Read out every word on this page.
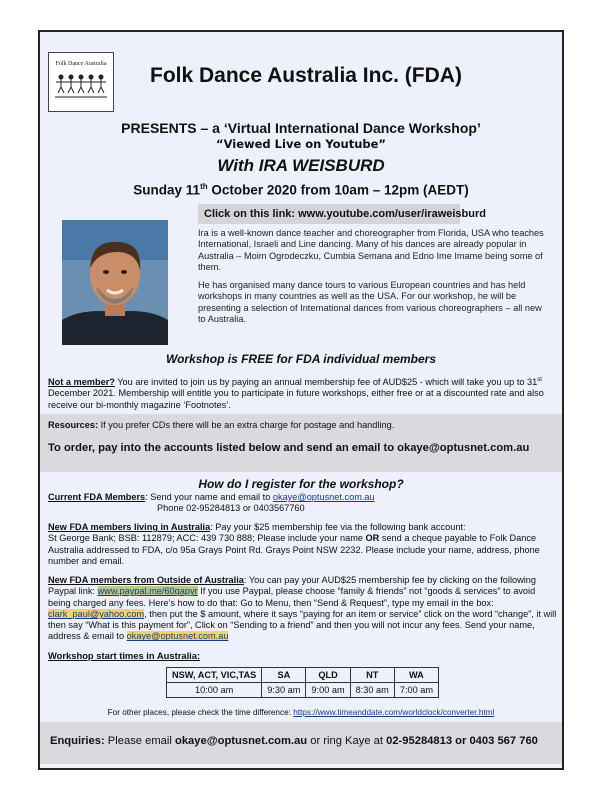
Folk Dance Australia Folk Dance Australia Inc. (FDA)
PRESENTS – a ‘Virtual International Dance Workshop’
“Viewed Live on Youtube”
With IRA WEISBURD
Sunday 11th October 2020 from 10am – 12pm (AEDT)
Click on this link: www.youtube.com/user/iraweisburd
Ira is a well-known dance teacher and choreographer from Florida, USA who teaches International, Israeli and Line dancing. Many of his dances are already popular in Australia – Moim Ogrodeczku, Cumbia Semana and Edno Ime Imame being some of them.
He has organised many dance tours to various European countries and has held workshops in many countries as well as the USA. For our workshop, he will be presenting a selection of International dances from various choreographers – all new to Australia.
Workshop is FREE for FDA individual members
Not a member? You are invited to join us by paying an annual membership fee of AUD$25 - which will take you up to 31st December 2021. Membership will entitle you to participate in future workshops, either free or at a discounted rate and also receive our bi-monthly magazine ‘Footnotes’.
Resources: If you prefer CDs there will be an extra charge for postage and handling.
To order, pay into the accounts listed below and send an email to okaye@optusnet.com.au
How do I register for the workshop?
Current FDA Members: Send your name and email to okaye@optusnet.com.au
Phone 02-95284813 or 0403567760
New FDA members living in Australia: Pay your $25 membership fee via the following bank account:
St George Bank; BSB: 112879; ACC: 439 730 888; Please include your name OR send a cheque payable to Folk Dance Australia addressed to FDA, c/o 95a Grays Point Rd. Grays Point NSW 2232. Please include your name, address, phone number and email.
New FDA members from Outside of Australia: You can pay your AUD$25 membership fee by clicking on the following Paypal link: www.paypal.me/60gapyr If you use Paypal, please choose “family & friends” not “goods & services” to avoid being charged any fees. Here’s how to do that: Go to Menu, then “Send & Request”, type my email in the box: clark_paul@yahoo.com, then put the $ amount, where it says “paying for an item or service” click on the word “change”, it will then say “What is this payment for”, Click on “Sending to a friend” and then you will not incur any fees. Send your name, address & email to okaye@optusnet.com.au
Workshop start times in Australia:
NSW, ACT, VIC,TAS	SA	QLD	NT	WA
10:00 am	9:30 am	9:00 am	8:30 am	7:00 am
For other places, please check the time difference: https://www.timeanddate.com/worldclock/converter.html
Enquiries: Please email okaye@optusnet.com.au or ring Kaye at 02-95284813 or 0403 567 760
